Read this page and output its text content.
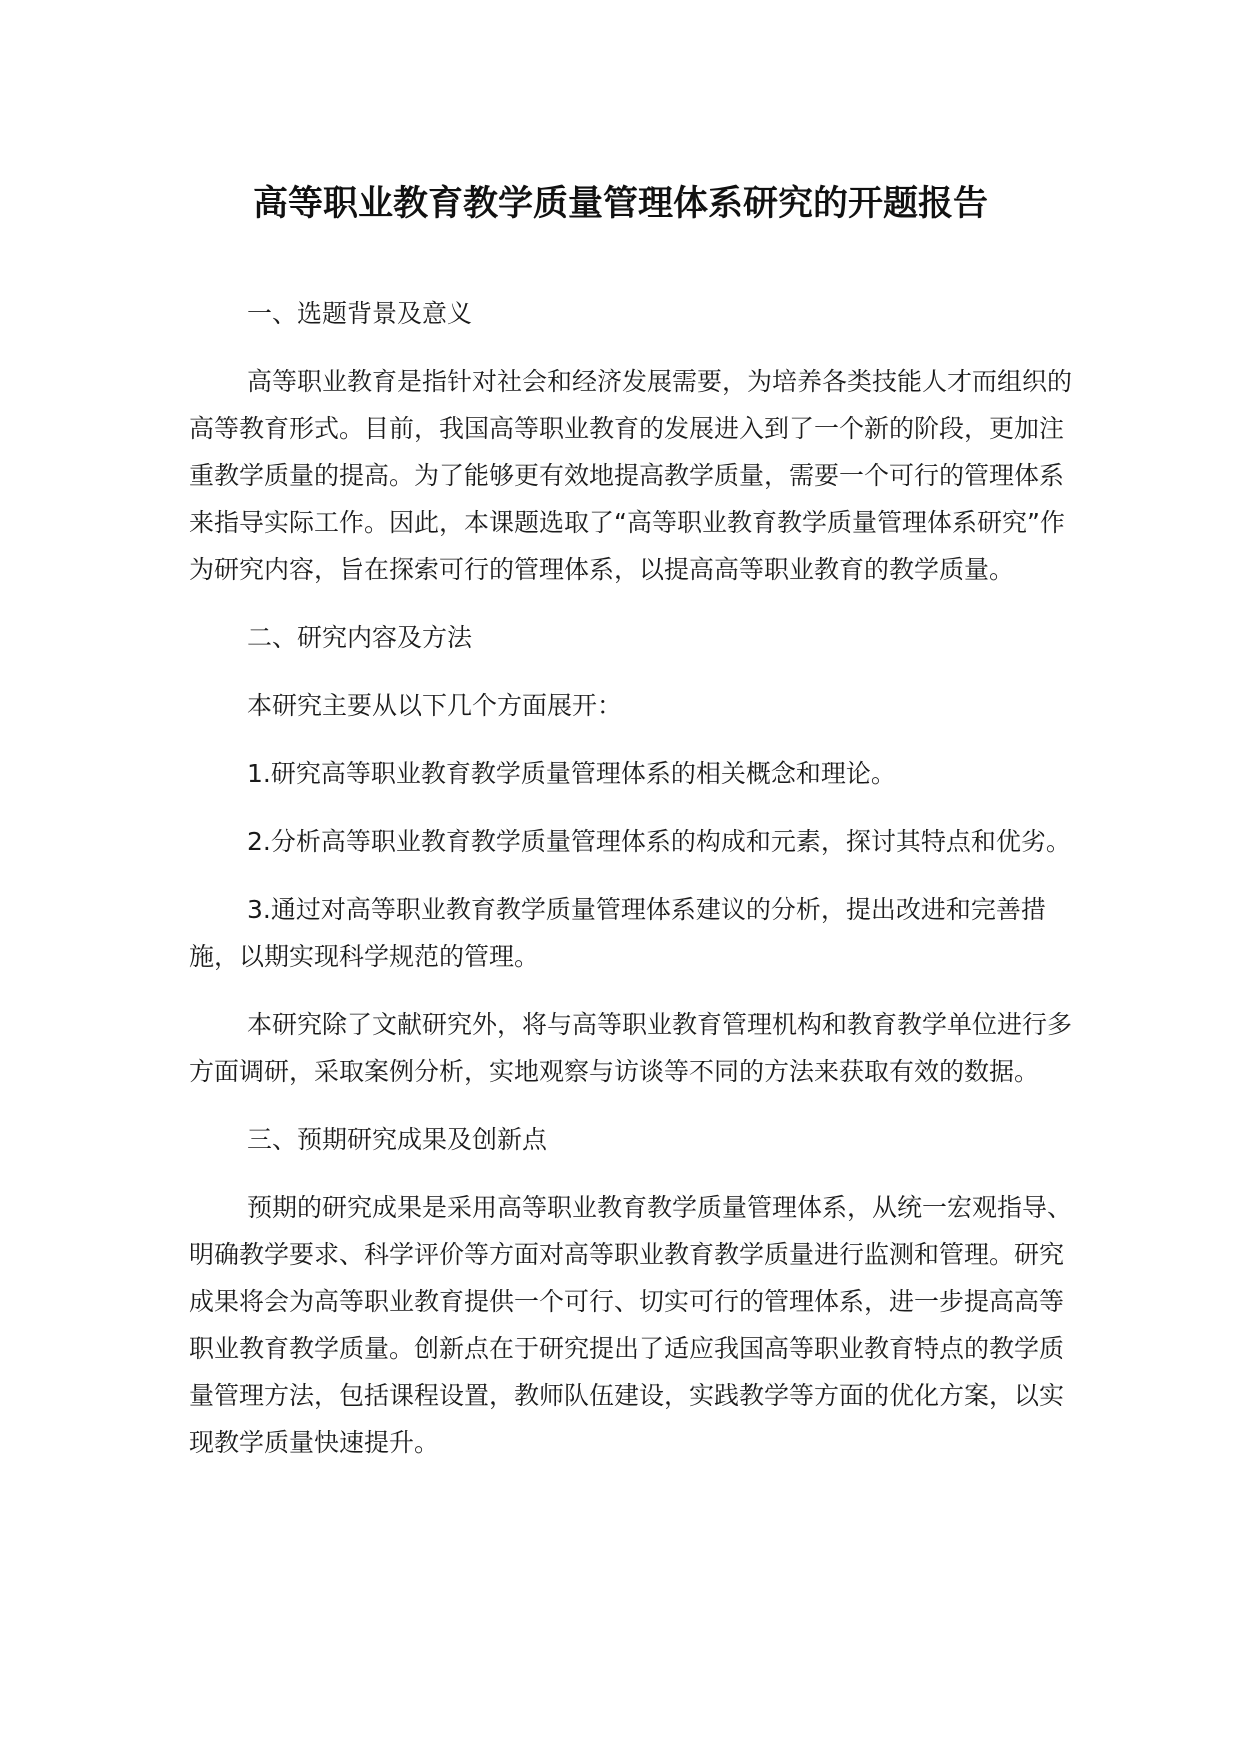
高等职业教育教学质量管理体系研究的开题报告

一、选题背景及意义

高等职业教育是指针对社会和经济发展需要，为培养各类技能人才而组织的高等教育形式。目前，我国高等职业教育的发展进入到了一个新的阶段，更加注重教学质量的提高。为了能够更有效地提高教学质量，需要一个可行的管理体系来指导实际工作。因此，本课题选取了“高等职业教育教学质量管理体系研究”作为研究内容，旨在探索可行的管理体系，以提高高等职业教育的教学质量。

二、研究内容及方法

本研究主要从以下几个方面展开：

1.研究高等职业教育教学质量管理体系的相关概念和理论。

2.分析高等职业教育教学质量管理体系的构成和元素，探讨其特点和优劣。

3.通过对高等职业教育教学质量管理体系建议的分析，提出改进和完善措施，以期实现科学规范的管理。

本研究除了文献研究外，将与高等职业教育管理机构和教育教学单位进行多方面调研，采取案例分析，实地观察与访谈等不同的方法来获取有效的数据。

三、预期研究成果及创新点

预期的研究成果是采用高等职业教育教学质量管理体系，从统一宏观指导、明确教学要求、科学评价等方面对高等职业教育教学质量进行监测和管理。研究成果将会为高等职业教育提供一个可行、切实可行的管理体系，进一步提高高等职业教育教学质量。创新点在于研究提出了适应我国高等职业教育特点的教学质量管理方法，包括课程设置，教师队伍建设，实践教学等方面的优化方案，以实现教学质量快速提升。
